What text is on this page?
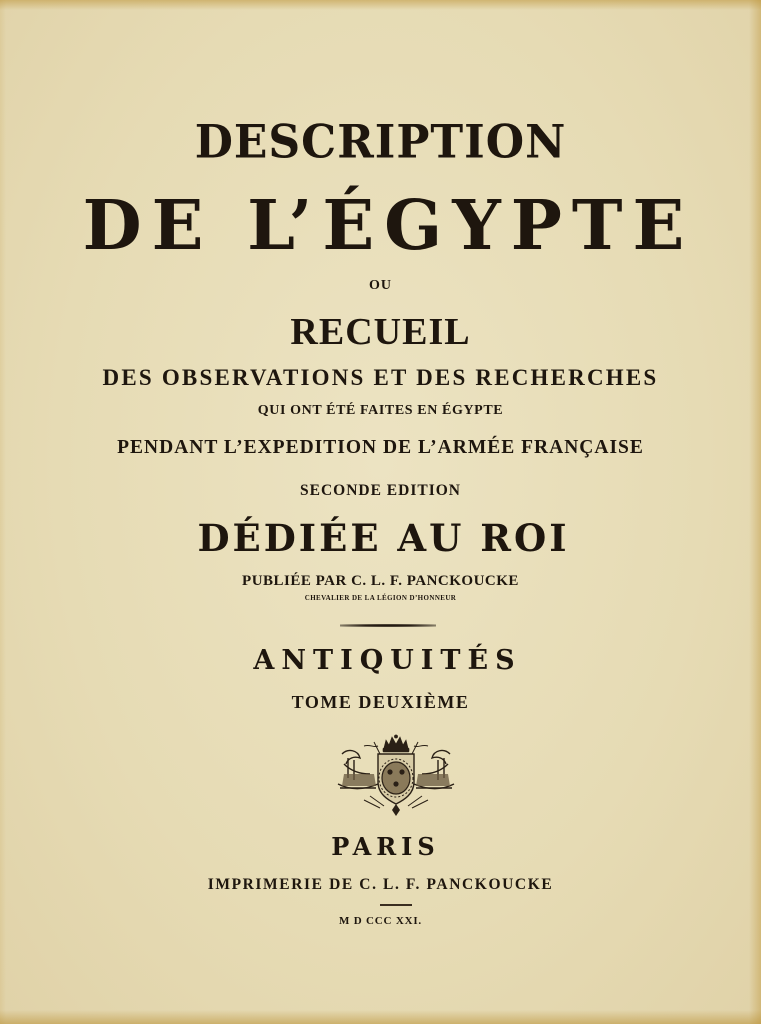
DESCRIPTION
DE L’ÉGYPTE
OU
RECUEIL
DES OBSERVATIONS ET DES RECHERCHES
QUI ONT ÉTÉ FAITES EN ÉGYPTE
PENDANT L’EXPEDITION DE L’ARMÉE FRANÇAISE
SECONDE EDITION
DÉDIÉE AU ROI
PUBLIÉE PAR C. L. F. PANCKOUCKE
CHEVALIER DE LA LÉGION D’HONNEUR
ANTIQUITÉS
TOME DEUXIÈME
PARIS
IMPRIMERIE DE C. L. F. PANCKOUCKE
M D CCC XXI.
